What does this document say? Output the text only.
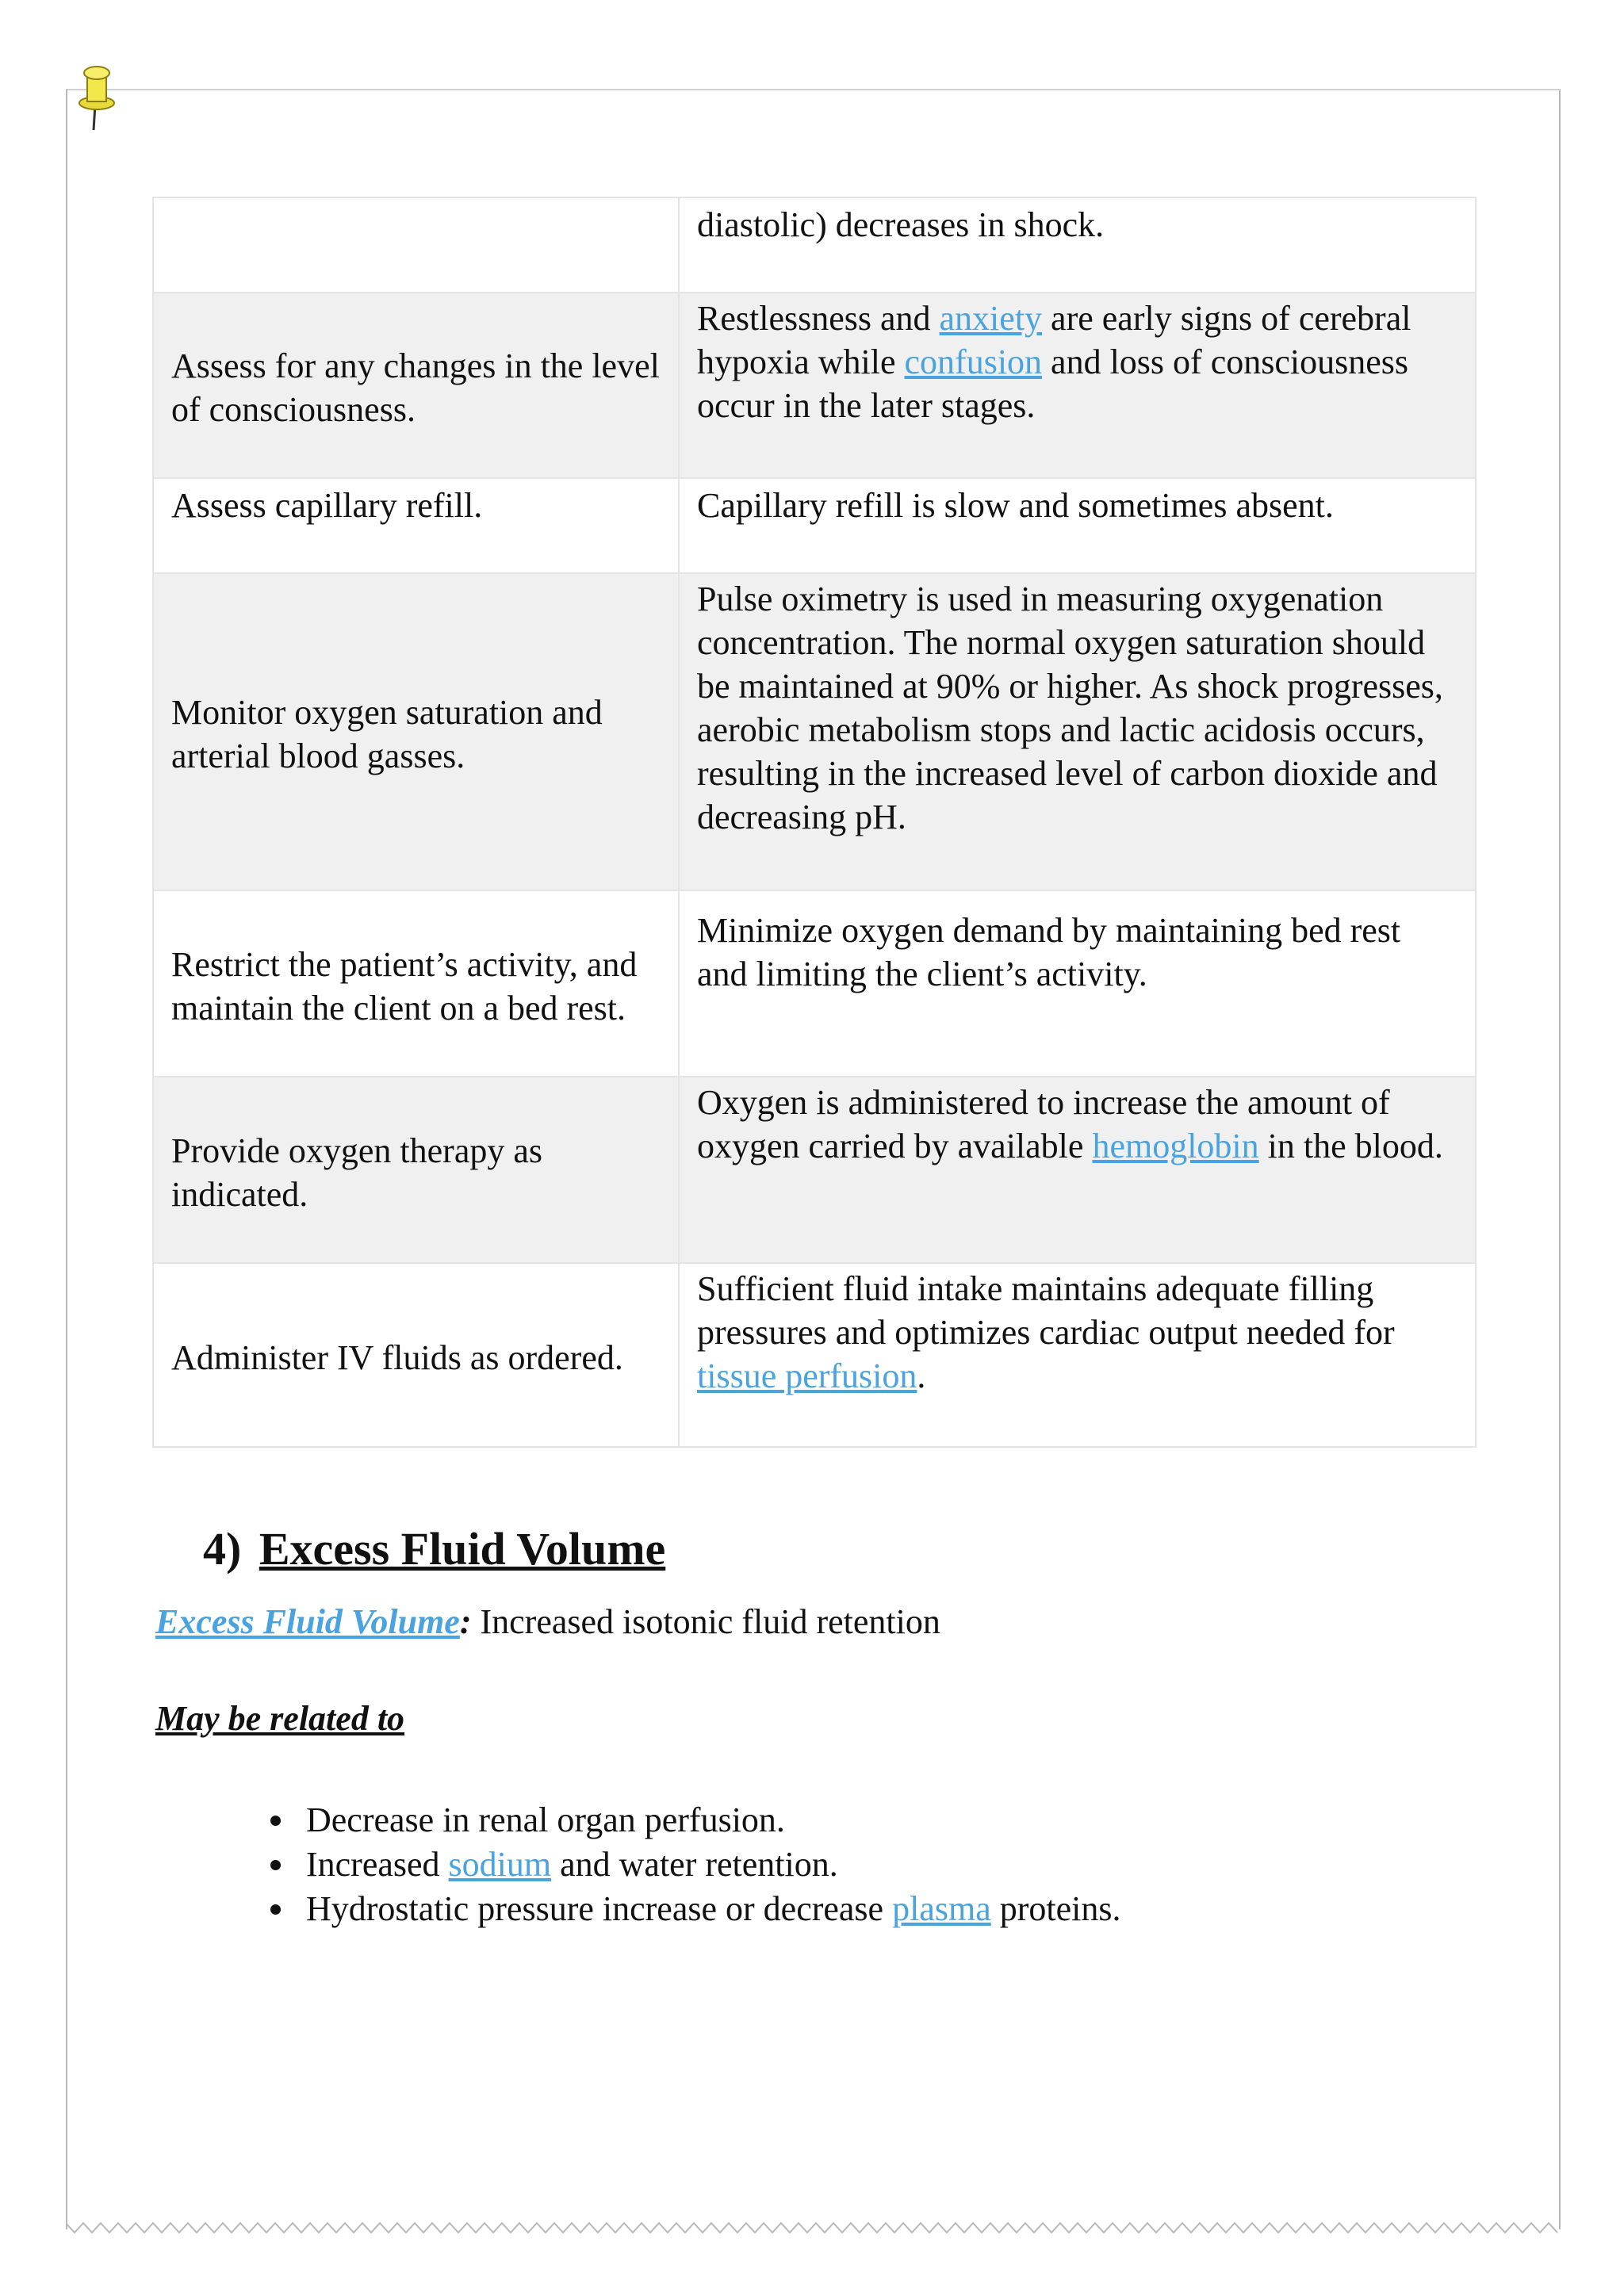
	diastolic) decreases in shock.
Assess for any changes in the level of consciousness.	Restlessness and anxiety are early signs of cerebral hypoxia while confusion and loss of consciousness occur in the later stages.
Assess capillary refill.	Capillary refill is slow and sometimes absent.
Monitor oxygen saturation and arterial blood gasses.	Pulse oximetry is used in measuring oxygenation concentration. The normal oxygen saturation should be maintained at 90% or higher. As shock progresses, aerobic metabolism stops and lactic acidosis occurs, resulting in the increased level of carbon dioxide and decreasing pH.
Restrict the patient’s activity, and maintain the client on a bed rest.	Minimize oxygen demand by maintaining bed rest and limiting the client’s activity.
Provide oxygen therapy as indicated.	Oxygen is administered to increase the amount of oxygen carried by available hemoglobin in the blood.
Administer IV fluids as ordered.	Sufficient fluid intake maintains adequate filling pressures and optimizes cardiac output needed for tissue perfusion.
4) Excess Fluid Volume
Excess Fluid Volume: Increased isotonic fluid retention
May be related to
• Decrease in renal organ perfusion.
• Increased sodium and water retention.
• Hydrostatic pressure increase or decrease plasma proteins.
